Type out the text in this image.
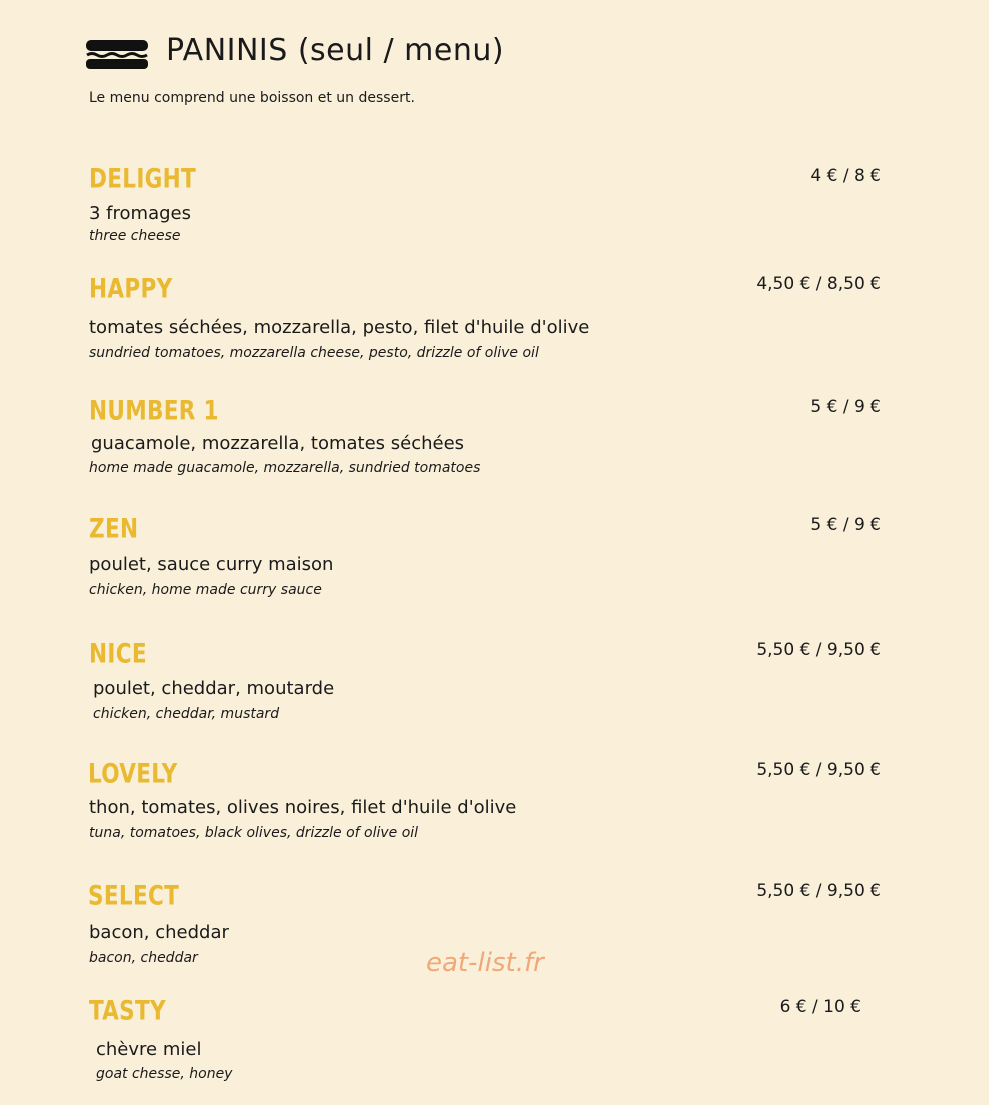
PANINIS (seul / menu)
Le menu comprend une boisson et un dessert.
DELIGHT	4 € / 8 €
3 fromages
three cheese
HAPPY	4,50 € / 8,50 €
tomates séchées, mozzarella, pesto, filet d'huile d'olive
sundried tomatoes, mozzarella cheese, pesto, drizzle of olive oil
NUMBER 1	5 € / 9 €
guacamole, mozzarella, tomates séchées
home made guacamole, mozzarella, sundried tomatoes
ZEN	5 € / 9 €
poulet, sauce curry maison
chicken, home made curry sauce
NICE	5,50 € / 9,50 €
poulet, cheddar, moutarde
chicken, cheddar, mustard
LOVELY	5,50 € / 9,50 €
thon, tomates, olives noires, filet d'huile d'olive
tuna, tomatoes, black olives, drizzle of olive oil
SELECT	5,50 € / 9,50 €
bacon, cheddar
bacon, cheddar
TASTY	6 € / 10 €
chèvre miel
goat chesse, honey
eat-list.fr
